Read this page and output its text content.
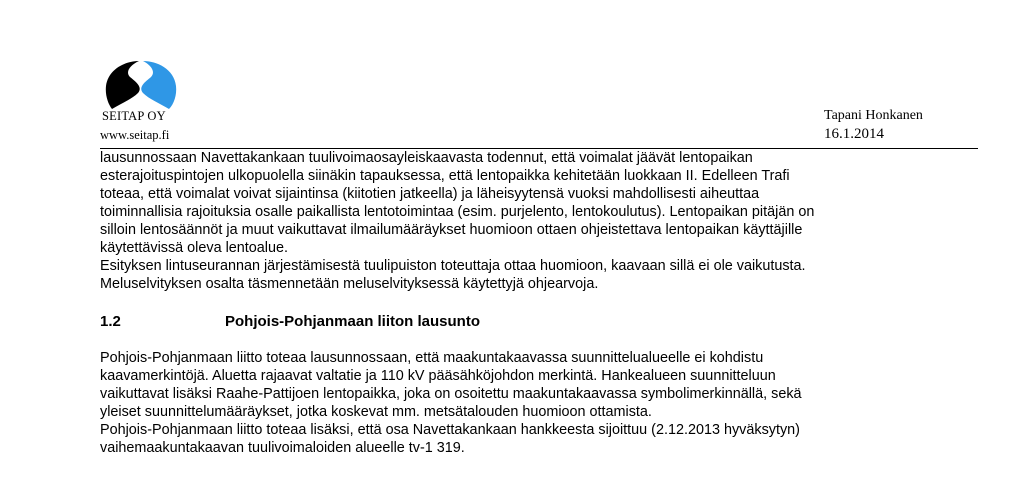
SEITAP OY
www.seitap.fi
Tapani Honkanen
16.1.2014

lausunnossaan Navettakankaan tuulivoimaosayleiskaavasta todennut, että voimalat jäävät lentopaikan
esterajoituspintojen ulkopuolella siinäkin tapauksessa, että lentopaikka kehitetään luokkaan II. Edelleen Trafi
toteaa, että voimalat voivat sijaintinsa (kiitotien jatkeella) ja läheisyytensä vuoksi mahdollisesti aiheuttaa
toiminnallisia rajoituksia osalle paikallista lentotoimintaa (esim. purjelento, lentokoulutus). Lentopaikan pitäjän on
silloin lentosäännöt ja muut vaikuttavat ilmailumääräykset huomioon ottaen ohjeistettava lentopaikan käyttäjille
käytettävissä oleva lentoalue.

Esityksen lintuseurannan järjestämisestä tuulipuiston toteuttaja ottaa huomioon, kaavaan sillä ei ole vaikutusta.

Meluselvityksen osalta täsmennetään meluselvityksessä käytettyjä ohjearvoja.

1.2	Pohjois-Pohjanmaan liiton lausunto

Pohjois-Pohjanmaan liitto toteaa lausunnossaan, että maakuntakaavassa suunnittelualueelle ei kohdistu
kaavamerkintöjä. Aluetta rajaavat valtatie ja 110 kV pääsähköjohdon merkintä. Hankealueen suunnitteluun
vaikuttavat lisäksi Raahe-Pattijoen lentopaikka, joka on osoitettu maakuntakaavassa symbolimerkinnällä, sekä
yleiset suunnittelumääräykset, jotka koskevat mm. metsätalouden huomioon ottamista.

Pohjois-Pohjanmaan liitto toteaa lisäksi, että osa Navettakankaan hankkeesta sijoittuu (2.12.2013 hyväksytyn)
vaihemaakuntakaavan tuulivoimaloiden alueelle tv-1 319.
